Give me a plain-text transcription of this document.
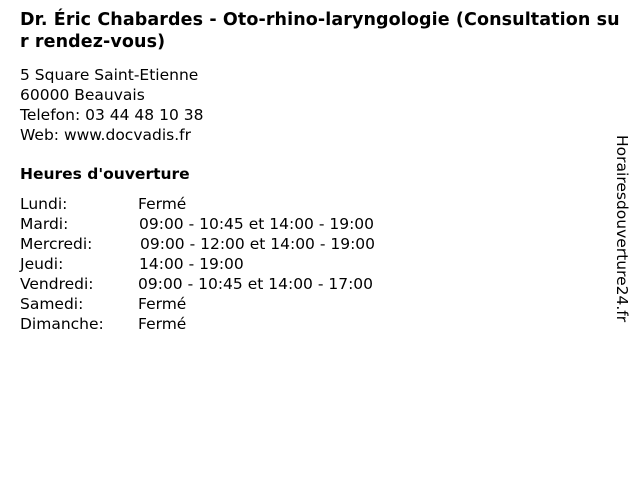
Dr. Éric Chabardes - Oto-rhino-laryngologie (Consultation sur rendez-vous)
5 Square Saint-Etienne
60000 Beauvais
Telefon: 03 44 48 10 38
Web: www.docvadis.fr
Heures d'ouverture
Lundi:	Fermé
Mardi:	09:00 - 10:45 et 14:00 - 19:00
Mercredi:	09:00 - 12:00 et 14:00 - 19:00
Jeudi:	14:00 - 19:00
Vendredi:	09:00 - 10:45 et 14:00 - 17:00
Samedi:	Fermé
Dimanche: Fermé
Horairesdouverture24.fr
